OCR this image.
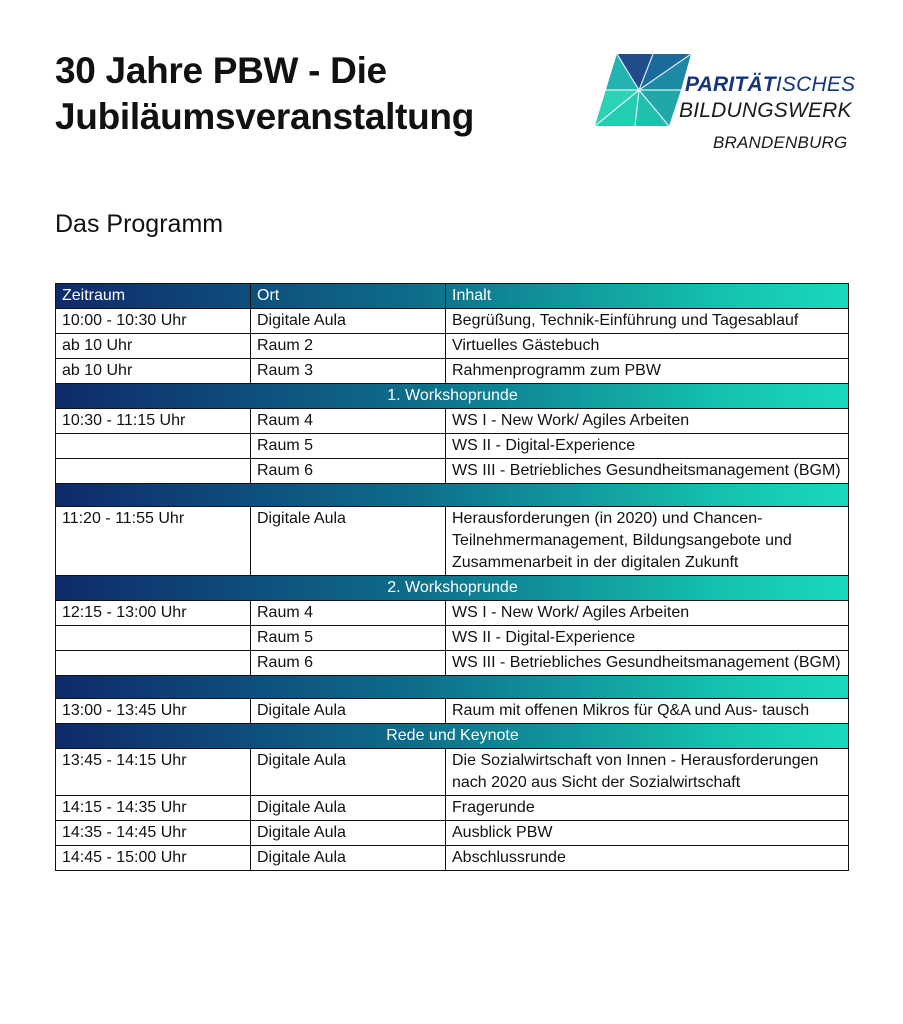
30 Jahre PBW - Die Jubiläumsveranstaltung
PARITÄTISCHES
BILDUNGSWERK
BRANDENBURG
Das Programm
Zeitraum	Ort	Inhalt
10:00 - 10:30 Uhr	Digitale Aula	Begrüßung, Technik-Einführung und Tagesablauf
ab 10 Uhr	Raum 2	Virtuelles Gästebuch
ab 10 Uhr	Raum 3	Rahmenprogramm zum PBW
1. Workshoprunde		
10:30 - 11:15 Uhr	Raum 4	WS I - New Work/ Agiles Arbeiten
	Raum 5	WS II - Digital-Experience
	Raum 6	WS III - Betriebliches Gesundheitsmanagement (BGM)

11:20 - 11:55 Uhr	Digitale Aula	Herausforderungen (in 2020) und Chancen- Teilnehmermanagement, Bildungsangebote und Zusammenarbeit in der digitalen Zukunft
2. Workshoprunde		
12:15 - 13:00 Uhr	Raum 4	WS I - New Work/ Agiles Arbeiten
	Raum 5	WS II - Digital-Experience
	Raum 6	WS III - Betriebliches Gesundheitsmanagement (BGM)

13:00 - 13:45 Uhr	Digitale Aula	Raum mit offenen Mikros für Q&A und Aus- tausch
Rede und Keynote		
13:45 - 14:15 Uhr	Digitale Aula	Die Sozialwirtschaft von Innen - Herausforderungen nach 2020 aus Sicht der Sozialwirtschaft
14:15 - 14:35 Uhr	Digitale Aula	Fragerunde
14:35 - 14:45 Uhr	Digitale Aula	Ausblick PBW
14:45 - 15:00 Uhr	Digitale Aula	Abschlussrunde
